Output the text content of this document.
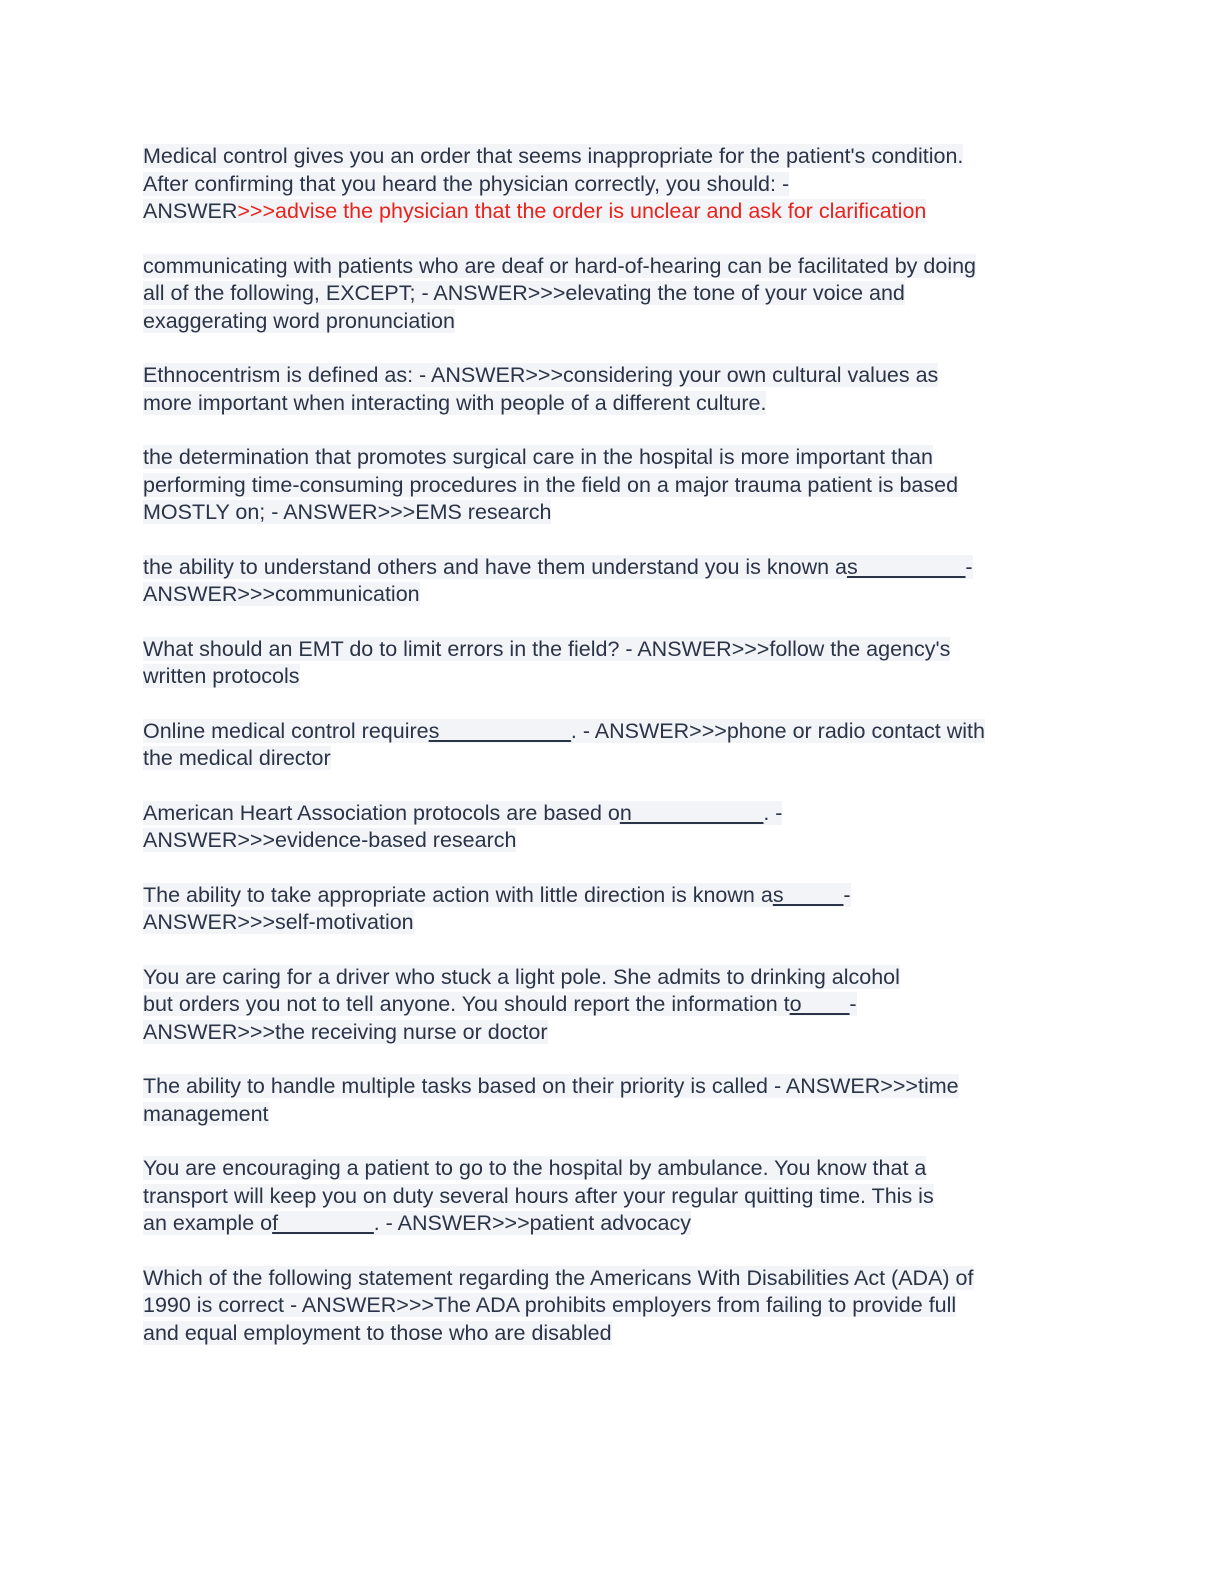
Medical control gives you an order that seems inappropriate for the patient's condition.
After confirming that you heard the physician correctly, you should: -
ANSWER>>>advise the physician that the order is unclear and ask for clarification
communicating with patients who are deaf or hard-of-hearing can be facilitated by doing
all of the following, EXCEPT; - ANSWER>>>elevating the tone of your voice and
exaggerating word pronunciation
Ethnocentrism is defined as: - ANSWER>>>considering your own cultural values as
more important when interacting with people of a different culture.
the determination that promotes surgical care in the hospital is more important than
performing time-consuming procedures in the field on a major trauma patient is based
MOSTLY on; - ANSWER>>>EMS research
the ability to understand others and have them understand you is known as_________-
ANSWER>>>communication
What should an EMT do to limit errors in the field? - ANSWER>>>follow the agency's
written protocols
Online medical control requires___________. - ANSWER>>>phone or radio contact with
the medical director
American Heart Association protocols are based on___________. -
ANSWER>>>evidence-based research
The ability to take appropriate action with little direction is known as_____-
ANSWER>>>self-motivation
You are caring for a driver who stuck a light pole. She admits to drinking alcohol
but orders you not to tell anyone. You should report the information to____-
ANSWER>>>the receiving nurse or doctor
The ability to handle multiple tasks based on their priority is called - ANSWER>>>time
management
You are encouraging a patient to go to the hospital by ambulance. You know that a
transport will keep you on duty several hours after your regular quitting time. This is
an example of________. - ANSWER>>>patient advocacy
Which of the following statement regarding the Americans With Disabilities Act (ADA) of
1990 is correct - ANSWER>>>The ADA prohibits employers from failing to provide full
and equal employment to those who are disabled
